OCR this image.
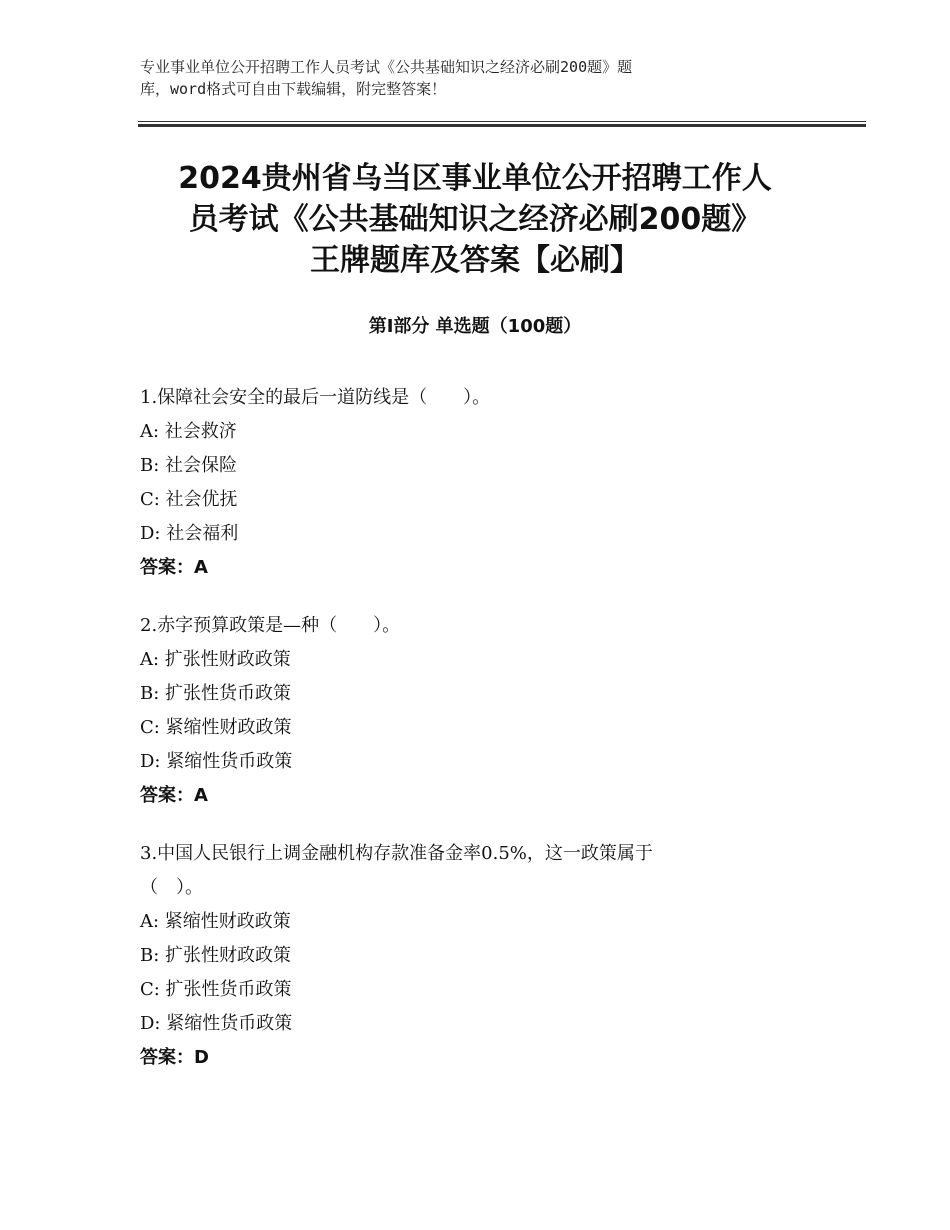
专业事业单位公开招聘工作人员考试《公共基础知识之经济必刷200题》题
库，word格式可自由下载编辑，附完整答案！
2024贵州省乌当区事业单位公开招聘工作人
员考试《公共基础知识之经济必刷200题》
王牌题库及答案【必刷】
第Ⅰ部分 单选题（100题）
1.保障社会安全的最后一道防线是（　　）。
A: 社会救济
B: 社会保险
C: 社会优抚
D: 社会福利
答案：A
2.赤字预算政策是—种（　　）。
A: 扩张性财政政策
B: 扩张性货币政策
C: 紧缩性财政政策
D: 紧缩性货币政策
答案：A
3.中国人民银行上调金融机构存款准备金率0.5%，这一政策属于
（　）。
A: 紧缩性财政政策
B: 扩张性财政政策
C: 扩张性货币政策
D: 紧缩性货币政策
答案：D
